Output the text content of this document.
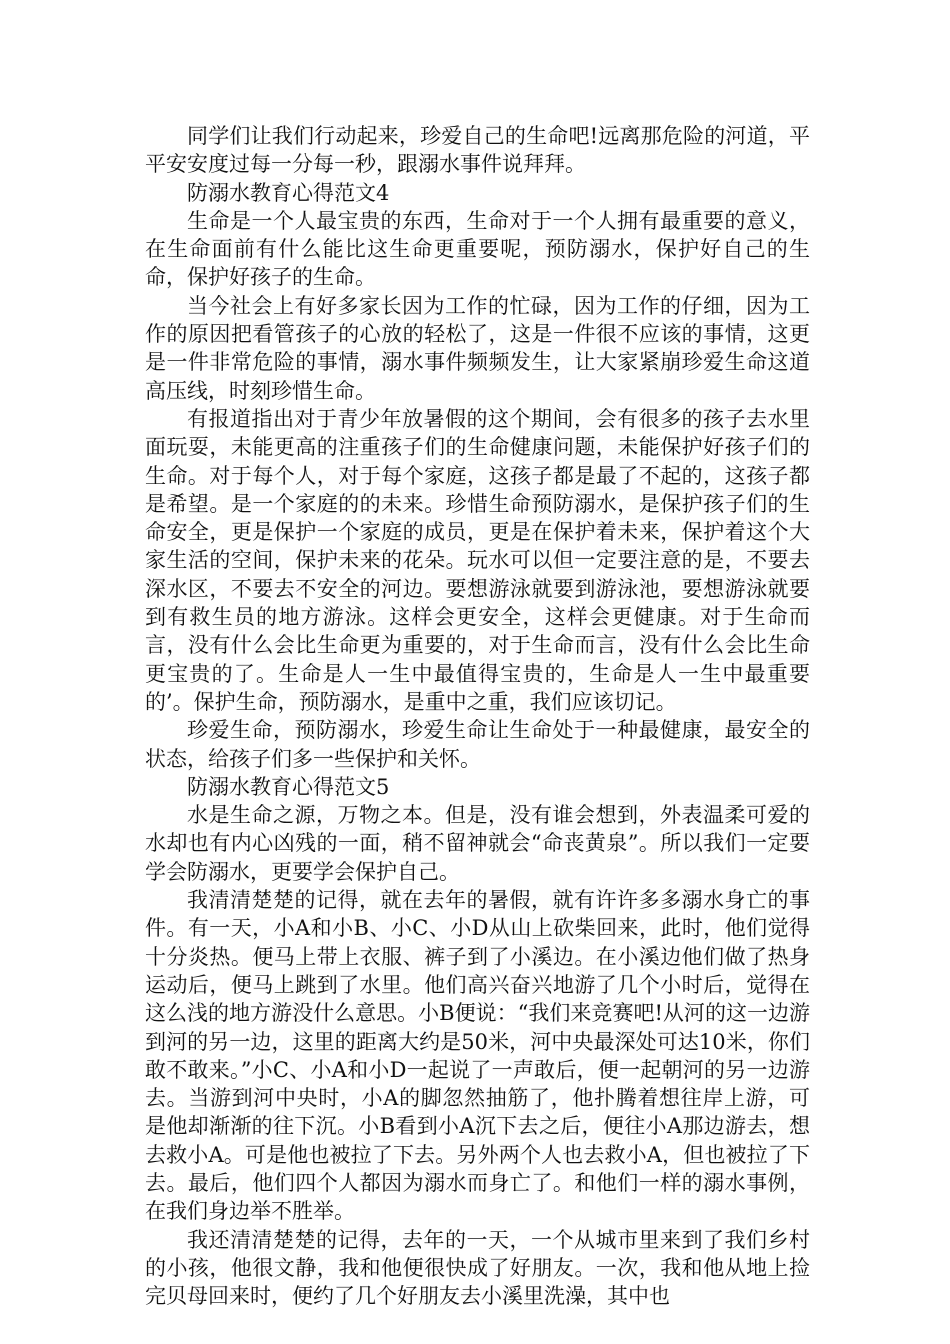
同学们让我们行动起来，珍爱自己的生命吧!远离那危险的河道，平平安安度过每一分每一秒，跟溺水事件说拜拜。

防溺水教育心得范文4

生命是一个人最宝贵的东西，生命对于一个人拥有最重要的意义，在生命面前有什么能比这生命更重要呢，预防溺水，保护好自己的生命，保护好孩子的生命。

当今社会上有好多家长因为工作的忙碌，因为工作的仔细，因为工作的原因把看管孩子的心放的轻松了，这是一件很不应该的事情，这更是一件非常危险的事情，溺水事件频频发生，让大家紧崩珍爱生命这道高压线，时刻珍惜生命。

有报道指出对于青少年放暑假的这个期间，会有很多的孩子去水里面玩耍，未能更高的注重孩子们的生命健康问题，未能保护好孩子们的生命。对于每个人，对于每个家庭，这孩子都是最了不起的，这孩子都是希望。是一个家庭的的未来。珍惜生命预防溺水，是保护孩子们的生命安全，更是保护一个家庭的成员，更是在保护着未来，保护着这个大家生活的空间，保护未来的花朵。玩水可以但一定要注意的是，不要去深水区，不要去不安全的河边。要想游泳就要到游泳池，要想游泳就要到有救生员的地方游泳。这样会更安全，这样会更健康。对于生命而言，没有什么会比生命更为重要的，对于生命而言，没有什么会比生命更宝贵的了。生命是人一生中最值得宝贵的，生命是人一生中最重要的’。保护生命，预防溺水，是重中之重，我们应该切记。

珍爱生命，预防溺水，珍爱生命让生命处于一种最健康，最安全的状态，给孩子们多一些保护和关怀。

防溺水教育心得范文5

水是生命之源，万物之本。但是，没有谁会想到，外表温柔可爱的水却也有内心凶残的一面，稍不留神就会“命丧黄泉”。所以我们一定要学会防溺水，更要学会保护自己。

我清清楚楚的记得，就在去年的暑假，就有许许多多溺水身亡的事件。有一天，小A和小B、小C、小D从山上砍柴回来，此时，他们觉得十分炎热。便马上带上衣服、裤子到了小溪边。在小溪边他们做了热身运动后，便马上跳到了水里。他们高兴奋兴地游了几个小时后，觉得在这么浅的地方游没什么意思。小B便说：“我们来竞赛吧!从河的这一边游到河的另一边，这里的距离大约是50米，河中央最深处可达10米，你们敢不敢来。”小C、小A和小D一起说了一声敢后，便一起朝河的另一边游去。当游到河中央时，小A的脚忽然抽筋了，他扑腾着想往岸上游，可是他却渐渐的往下沉。小B看到小A沉下去之后，便往小A那边游去，想去救小A。可是他也被拉了下去。另外两个人也去救小A，但也被拉了下去。最后，他们四个人都因为溺水而身亡了。和他们一样的溺水事例，在我们身边举不胜举。

我还清清楚楚的记得，去年的一天，一个从城市里来到了我们乡村的小孩，他很文静，我和他便很快成了好朋友。一次，我和他从地上捡完贝母回来时，便约了几个好朋友去小溪里洗澡，其中也
